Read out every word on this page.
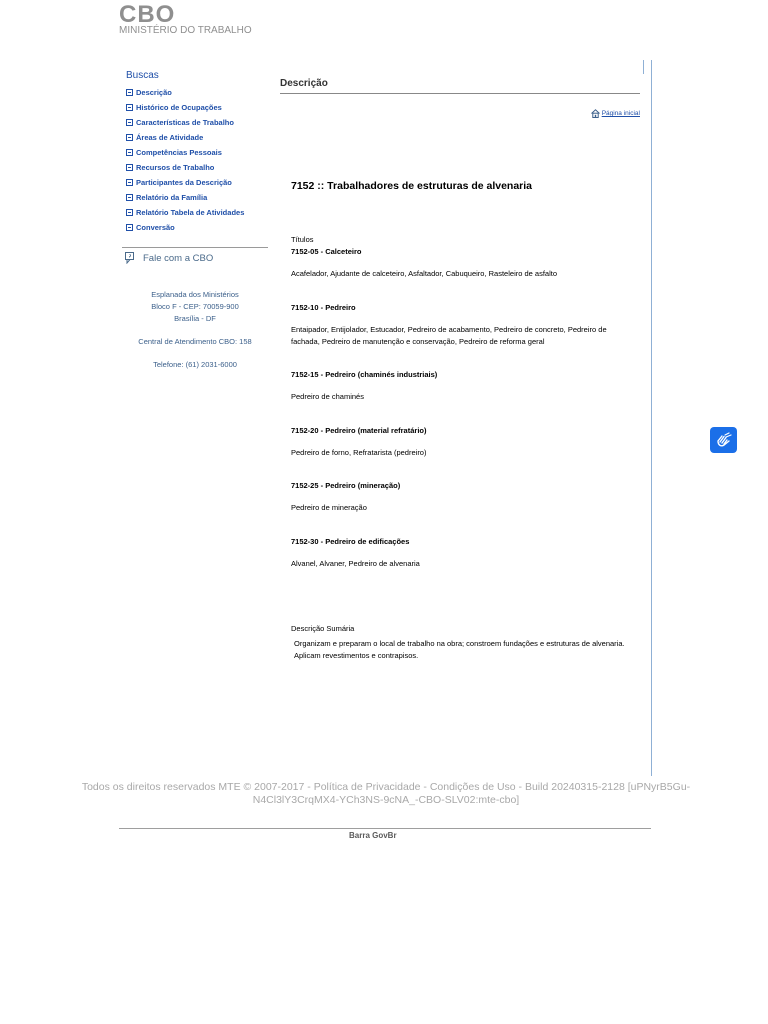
CBO
MINISTÉRIO DO TRABALHO
Buscas
Descrição
Histórico de Ocupações
Características de Trabalho
Áreas de Atividade
Competências Pessoais
Recursos de Trabalho
Participantes da Descrição
Relatório da Família
Relatório Tabela de Atividades
Conversão
Fale com a CBO
Esplanada dos Ministérios
Bloco F - CEP: 70059-900
Brasília - DF
Central de Atendimento CBO: 158
Telefone: (61) 2031-6000
Descrição
Página inicial
7152 :: Trabalhadores de estruturas de alvenaria
Títulos
7152-05 - Calceteiro
Acafelador, Ajudante de calceteiro, Asfaltador, Cabuqueiro, Rasteleiro de asfalto
7152-10 - Pedreiro
Entaipador, Entijolador, Estucador, Pedreiro de acabamento, Pedreiro de concreto, Pedreiro de fachada, Pedreiro de manutenção e conservação, Pedreiro de reforma geral
7152-15 - Pedreiro (chaminés industriais)
Pedreiro de chaminés
7152-20 - Pedreiro (material refratário)
Pedreiro de forno, Refratarista (pedreiro)
7152-25 - Pedreiro (mineração)
Pedreiro de mineração
7152-30 - Pedreiro de edificações
Alvanel, Alvaner, Pedreiro de alvenaria
Descrição Sumária
Organizam e preparam o local de trabalho na obra; constroem fundações e estruturas de alvenaria. Aplicam revestimentos e contrapisos.
Todos os direitos reservados MTE © 2007-2017 - Política de Privacidade - Condições de Uso - Build 20240315-2128 [uPNyrB5Gu-
N4Cl3lY3CrqMX4-YCh3NS-9cNA_-CBO-SLV02:mte-cbo]
Barra GovBr
